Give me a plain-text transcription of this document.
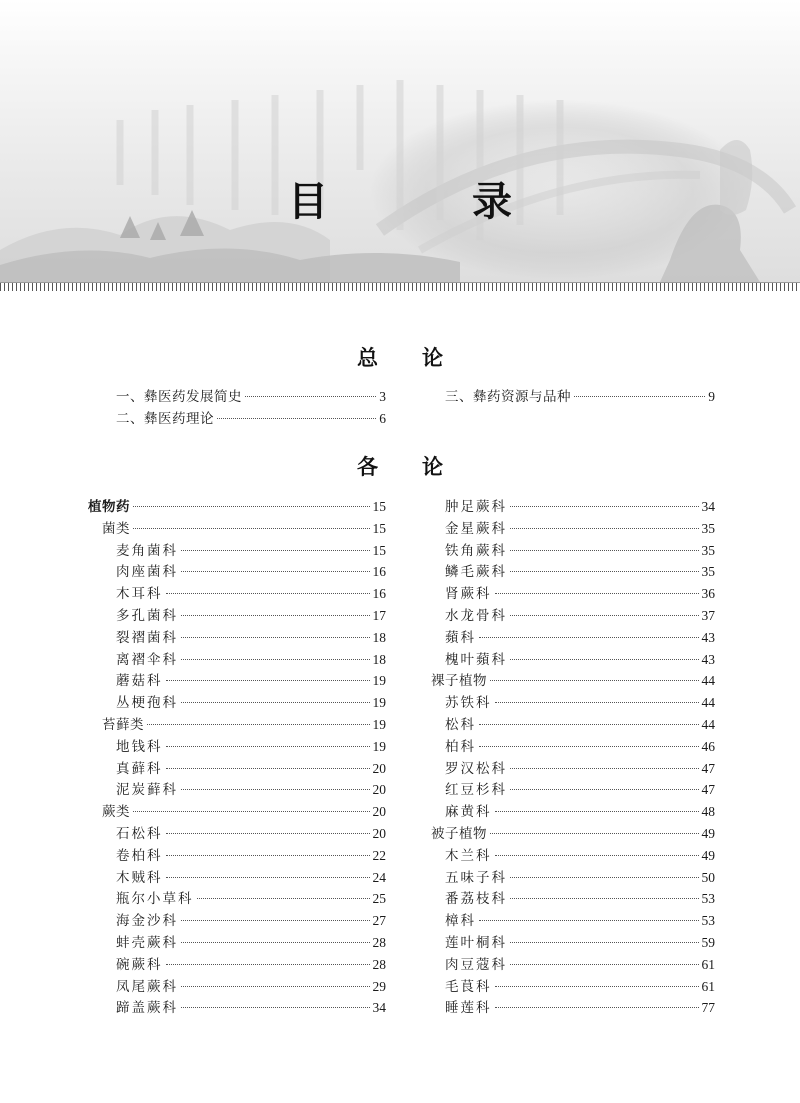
目　录
总论
一、彝医药发展简史	3
二、彝医药理论	6
三、彝药资源与品种	9
各论
植物药	15
菌类	15
麦角菌科	15
肉座菌科	16
木耳科	16
多孔菌科	17
裂褶菌科	18
离褶伞科	18
蘑菇科	19
丛梗孢科	19
苔藓类	19
地钱科	19
真藓科	20
泥炭藓科	20
蕨类	20
石松科	20
卷柏科	22
木贼科	24
瓶尔小草科	25
海金沙科	27
蚌壳蕨科	28
碗蕨科	28
凤尾蕨科	29
蹄盖蕨科	34
肿足蕨科	34
金星蕨科	35
铁角蕨科	35
鳞毛蕨科	35
肾蕨科	36
水龙骨科	37
蘋科	43
槐叶蘋科	43
裸子植物	44
苏铁科	44
松科	44
柏科	46
罗汉松科	47
红豆杉科	47
麻黄科	48
被子植物	49
木兰科	49
五味子科	50
番荔枝科	53
樟科	53
莲叶桐科	59
肉豆蔻科	61
毛茛科	61
睡莲科	77
